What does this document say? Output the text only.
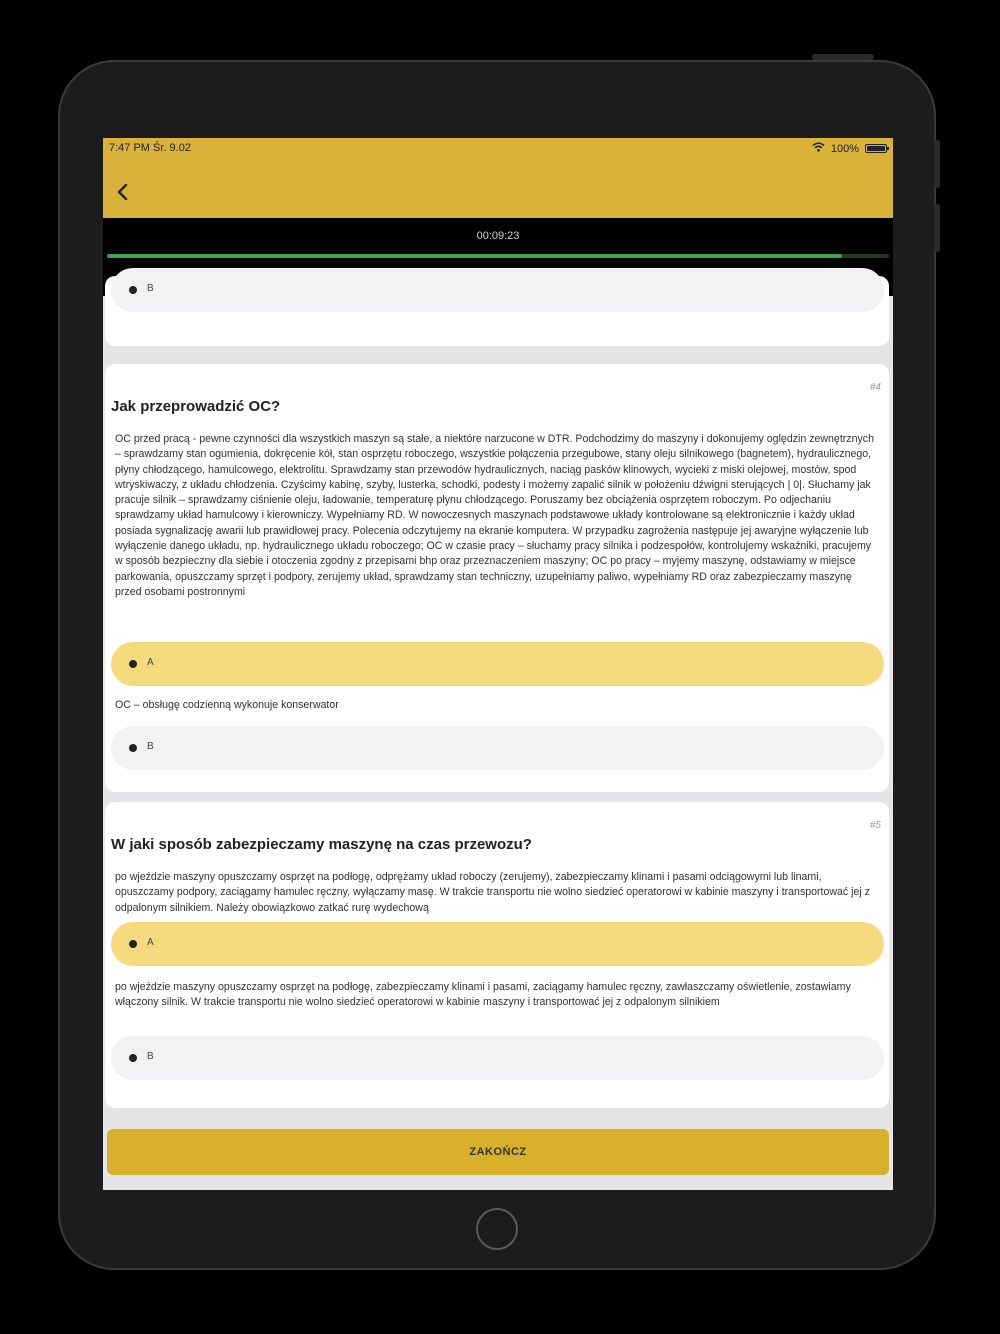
7:47 PM Śr. 9.02	100%
00:09:23
B
#4
Jak przeprowadzić OC?
OC przed pracą - pewne czynności dla wszystkich maszyn są stałe, a niektóre narzucone w DTR. Podchodzimy do maszyny i dokonujemy oględzin zewnętrznych – sprawdzamy stan ogumienia, dokręcenie kół, stan osprzętu roboczego, wszystkie połączenia przegubowe, stany oleju silnikowego (bagnetem), hydraulicznego, płyny chłodzącego, hamulcowego, elektrolitu. Sprawdzamy stan przewodów hydraulicznych, naciąg pasków klinowych, wycieki z miski olejowej, mostów, spod wtryskiwaczy, z układu chłodzenia. Czyścimy kabinę, szyby, lusterka, schodki, podesty i możemy zapalić silnik w położeniu dźwigni sterujących | 0|. Słuchamy jak pracuje silnik – sprawdzamy ciśnienie oleju, ładowanie, temperaturę płynu chłodzącego. Poruszamy bez obciążenia osprzętem roboczym. Po odjechaniu sprawdzamy układ hamulcowy i kierowniczy. Wypełniamy RD. W nowoczesnych maszynach podstawowe układy kontrolowane są elektronicznie i każdy układ posiada sygnalizację awarii lub prawidłowej pracy. Polecenia odczytujemy na ekranie komputera. W przypadku zagrożenia następuje jej awaryjne wyłączenie lub wyłączenie danego układu, np. hydraulicznego układu roboczego; OC w czasie pracy – słuchamy pracy silnika i podzespołów, kontrolujemy wskaźniki, pracujemy w sposób bezpieczny dla siebie i otoczenia zgodny z przepisami bhp oraz przeznaczeniem maszyny; OC po pracy – myjemy maszynę, odstawiamy w miejsce parkowania, opuszczamy sprzęt i podpory, zerujemy układ, sprawdzamy stan techniczny, uzupełniamy paliwo, wypełniamy RD oraz zabezpieczamy maszynę przed osobami postronnymi
A
OC – obsługę codzienną wykonuje konserwator
B
#5
W jaki sposób zabezpieczamy maszynę na czas przewozu?
po wjeździe maszyny opuszczamy osprzęt na podłogę, odprężamy układ roboczy (zerujemy), zabezpieczamy klinami i pasami odciągowymi lub linami, opuszczamy podpory, zaciągamy hamulec ręczny, wyłączamy masę. W trakcie transportu nie wolno siedzieć operatorowi w kabinie maszyny i transportować jej z odpalonym silnikiem. Należy obowiązkowo zatkać rurę wydechową
A
po wjeździe maszyny opuszczamy osprzęt na podłogę, zabezpieczamy klinami i pasami, zaciągamy hamulec ręczny, zawłaszczamy oświetlenie, zostawiamy włączony silnik. W trakcie transportu nie wolno siedzieć operatorowi w kabinie maszyny i transportować jej z odpalonym silnikiem
B
ZAKOŃCZ
